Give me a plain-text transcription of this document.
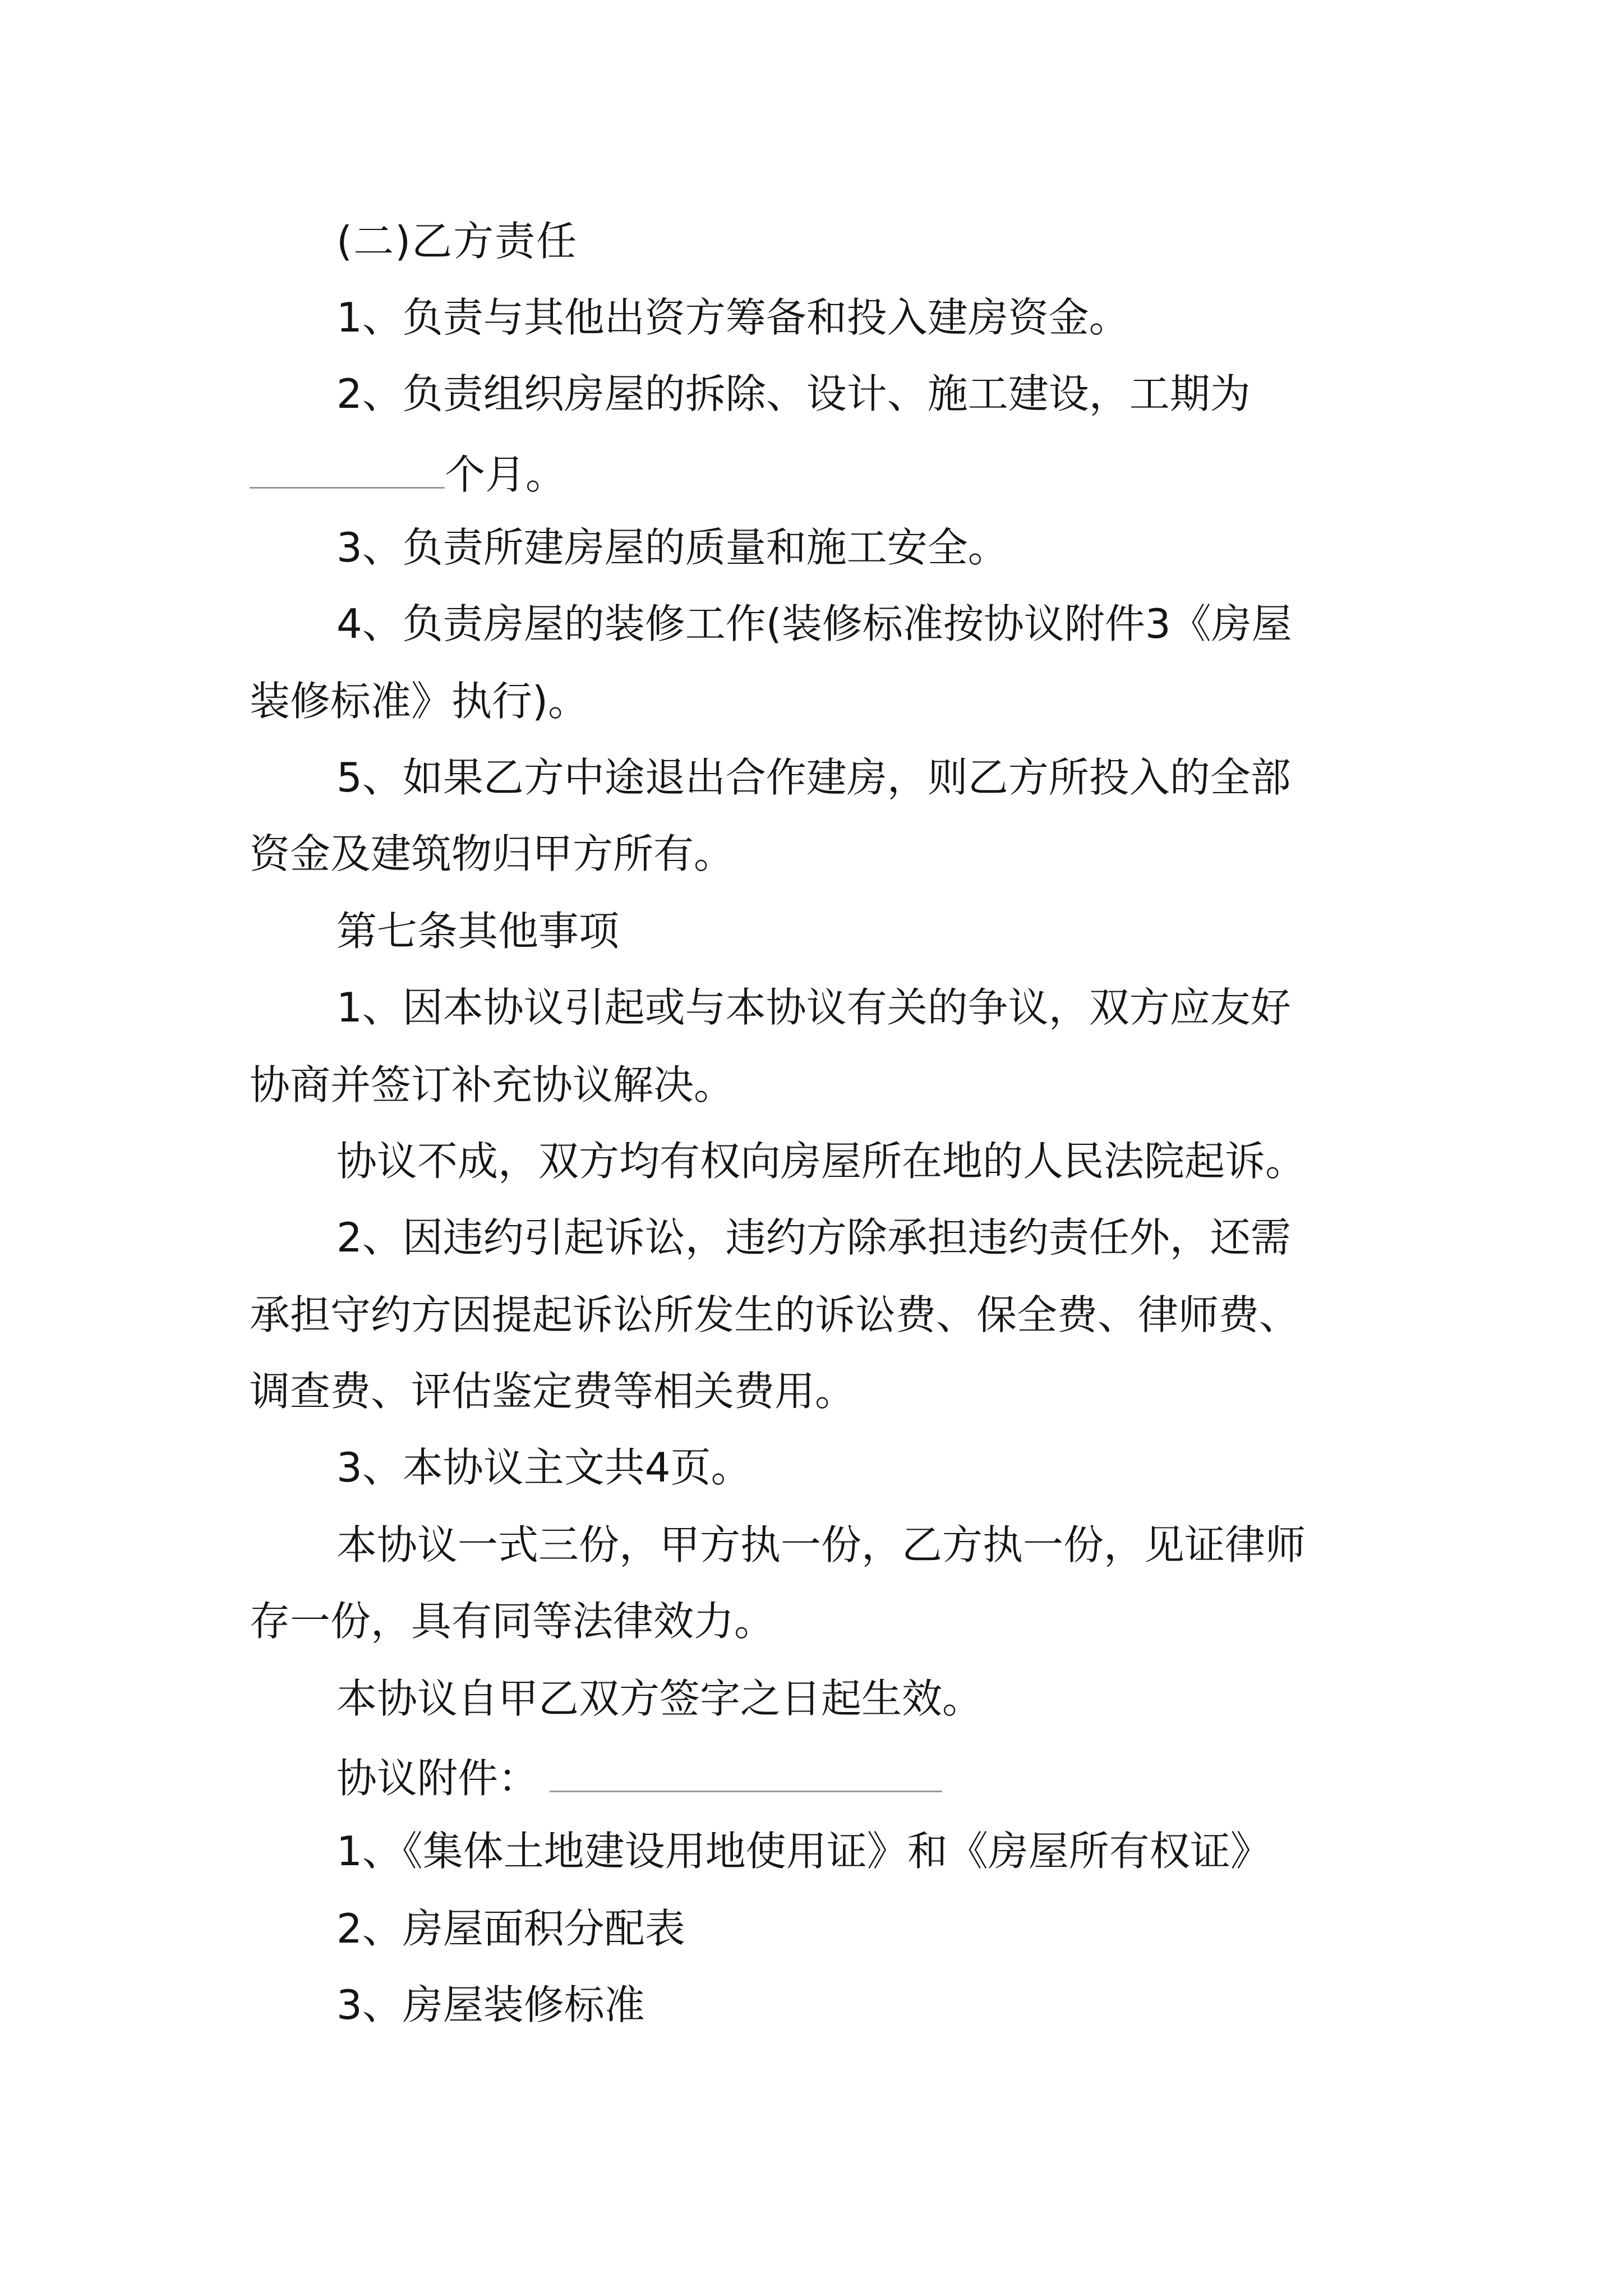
(二)乙方责任
1、负责与其他出资方筹备和投入建房资金。
2、负责组织房屋的拆除、设计、施工建设，工期为
个月。
3、负责所建房屋的质量和施工安全。
4、负责房屋的装修工作(装修标准按协议附件3《房屋
装修标准》执行)。
5、如果乙方中途退出合作建房，则乙方所投入的全部
资金及建筑物归甲方所有。
第七条其他事项
1、因本协议引起或与本协议有关的争议，双方应友好
协商并签订补充协议解决。
协议不成，双方均有权向房屋所在地的人民法院起诉。
2、因违约引起诉讼，违约方除承担违约责任外，还需
承担守约方因提起诉讼所发生的诉讼费、保全费、律师费、
调查费、评估鉴定费等相关费用。
3、本协议主文共4页。
本协议一式三份，甲方执一份，乙方执一份，见证律师
存一份，具有同等法律效力。
本协议自甲乙双方签字之日起生效。
协议附件：
1、《集体土地建设用地使用证》和《房屋所有权证》
2、房屋面积分配表
3、房屋装修标准
